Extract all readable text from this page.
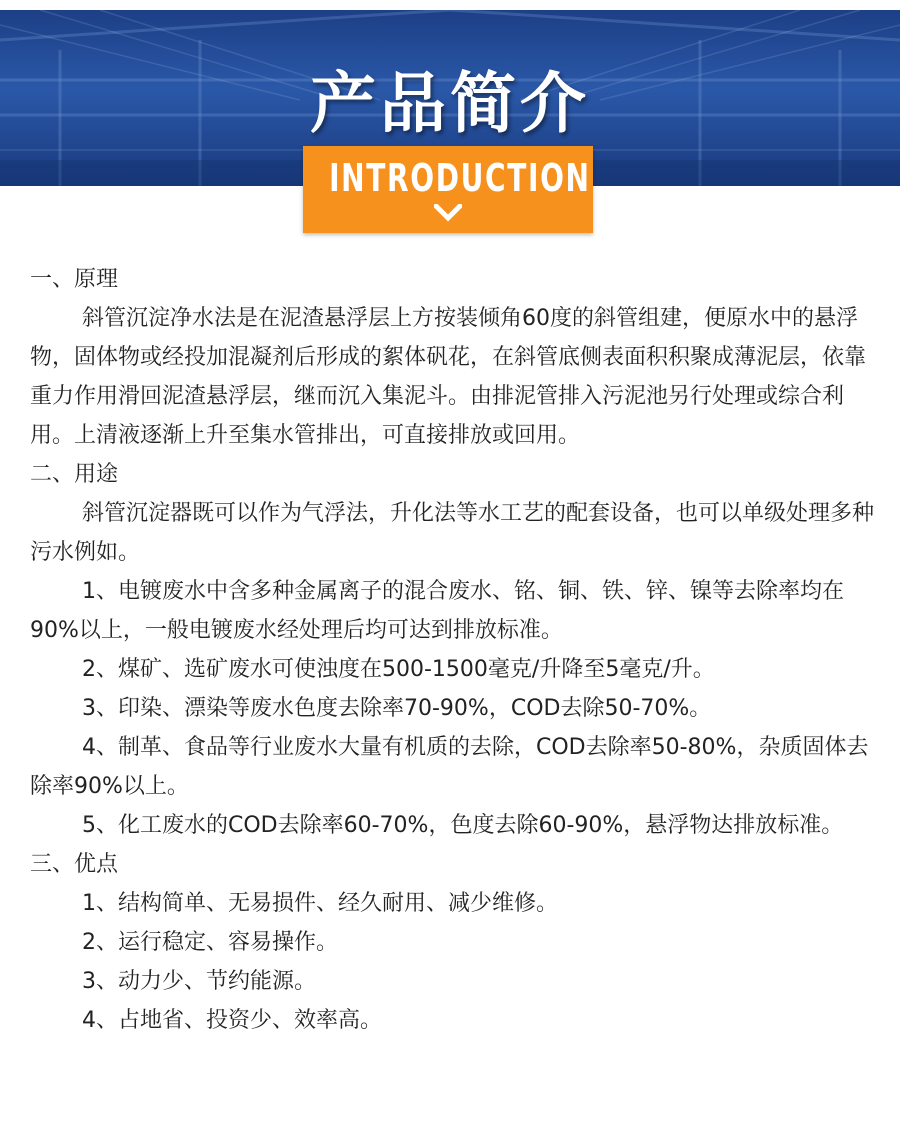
产品简介
INTRODUCTION

一、原理

斜管沉淀净水法是在泥渣悬浮层上方按装倾角60度的斜管组建，便原水中的悬浮物，固体物或经投加混凝剂后形成的絮体矾花，在斜管底侧表面积积聚成薄泥层，依靠重力作用滑回泥渣悬浮层，继而沉入集泥斗。由排泥管排入污泥池另行处理或综合利用。上清液逐渐上升至集水管排出，可直接排放或回用。

二、用途

斜管沉淀器既可以作为气浮法，升化法等水工艺的配套设备，也可以单级处理多种污水例如。

1、电镀废水中含多种金属离子的混合废水、铭、铜、铁、锌、镍等去除率均在90%以上，一般电镀废水经处理后均可达到排放标准。

2、煤矿、选矿废水可使浊度在500-1500毫克/升降至5毫克/升。

3、印染、漂染等废水色度去除率70-90%，COD去除50-70%。

4、制革、食品等行业废水大量有机质的去除，COD去除率50-80%，杂质固体去除率90%以上。

5、化工废水的COD去除率60-70%，色度去除60-90%，悬浮物达排放标准。

三、优点

1、结构简单、无易损件、经久耐用、减少维修。

2、运行稳定、容易操作。

3、动力少、节约能源。

4、占地省、投资少、效率高。
